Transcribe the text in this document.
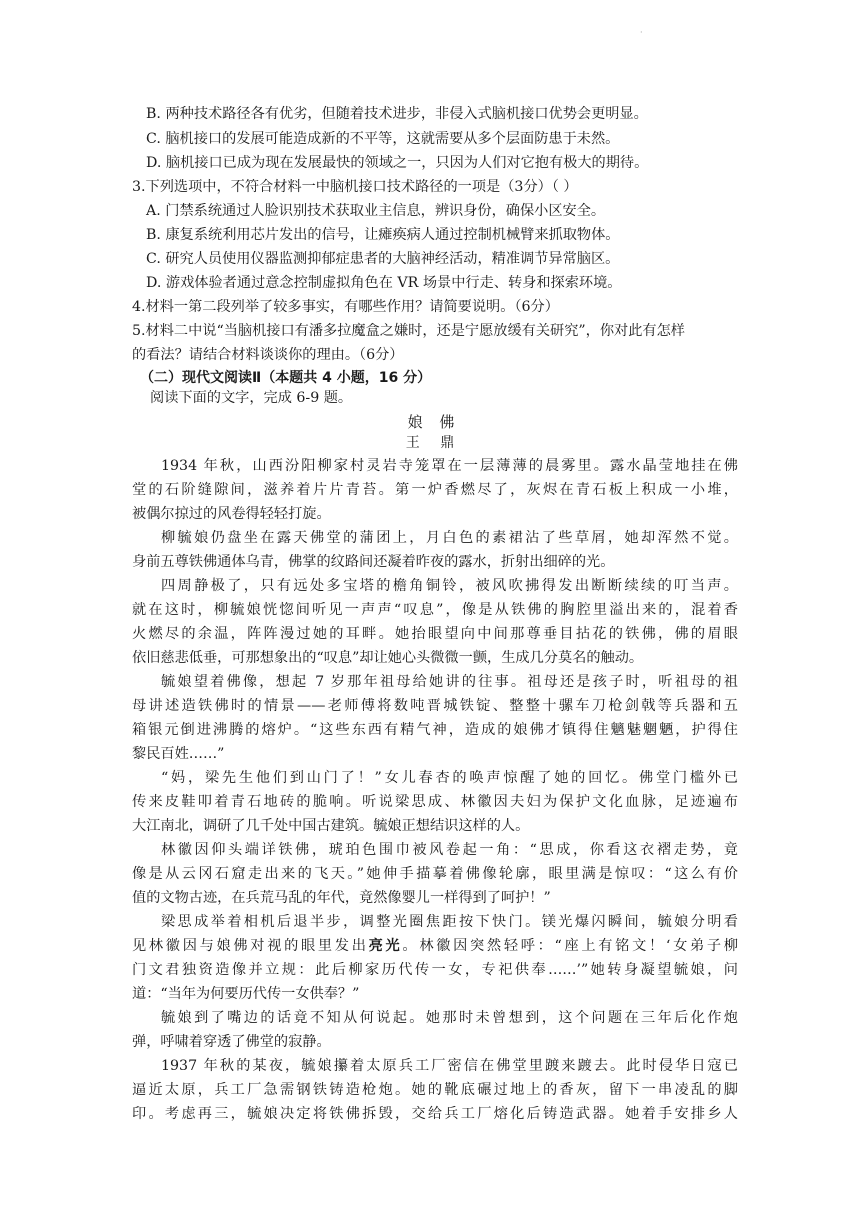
·
B. 两种技术路径各有优劣，但随着技术进步，非侵入式脑机接口优势会更明显。
C. 脑机接口的发展可能造成新的不平等，这就需要从多个层面防患于未然。
D. 脑机接口已成为现在发展最快的领域之一，只因为人们对它抱有极大的期待。
3.下列选项中，不符合材料一中脑机接口技术路径的一项是（3分）（ ）
A. 门禁系统通过人脸识别技术获取业主信息，辨识身份，确保小区安全。
B. 康复系统利用芯片发出的信号，让瘫痪病人通过控制机械臂来抓取物体。
C. 研究人员使用仪器监测抑郁症患者的大脑神经活动，精准调节异常脑区。
D. 游戏体验者通过意念控制虚拟角色在 VR 场景中行走、转身和探索环境。
4.材料一第二段列举了较多事实，有哪些作用？请简要说明。（6分）
5.材料二中说“当脑机接口有潘多拉魔盒之嫌时，还是宁愿放缓有关研究”，你对此有怎样
的看法？请结合材料谈谈你的理由。（6分）
（二）现代文阅读Ⅱ（本题共 4 小题，16 分）
阅读下面的文字，完成 6-9 题。
娘 佛
王 鼎
1934 年秋，山西汾阳柳家村灵岩寺笼罩在一层薄薄的晨雾里。露水晶莹地挂在佛
堂的石阶缝隙间，滋养着片片青苔。第一炉香燃尽了，灰烬在青石板上积成一小堆，
被偶尔掠过的风卷得轻轻打旋。
柳毓娘仍盘坐在露天佛堂的蒲团上，月白色的素裙沾了些草屑，她却浑然不觉。
身前五尊铁佛通体乌青，佛掌的纹路间还凝着昨夜的露水，折射出细碎的光。
四周静极了，只有远处多宝塔的檐角铜铃，被风吹拂得发出断断续续的叮当声。
就在这时，柳毓娘恍惚间听见一声声“叹息”，像是从铁佛的胸腔里溢出来的，混着香
火燃尽的余温，阵阵漫过她的耳畔。她抬眼望向中间那尊垂目拈花的铁佛，佛的眉眼
依旧慈悲低垂，可那想象出的“叹息”却让她心头微微一颤，生成几分莫名的触动。
毓娘望着佛像，想起 7 岁那年祖母给她讲的往事。祖母还是孩子时，听祖母的祖
母讲述造铁佛时的情景——老师傅将数吨晋城铁锭、整整十骡车刀枪剑戟等兵器和五
箱银元倒进沸腾的熔炉。“这些东西有精气神，造成的娘佛才镇得住魑魅魍魉，护得住
黎民百姓……”
“妈，梁先生他们到山门了！”女儿春杏的唤声惊醒了她的回忆。佛堂门槛外已
传来皮鞋叩着青石地砖的脆响。听说梁思成、林徽因夫妇为保护文化血脉，足迹遍布
大江南北，调研了几千处中国古建筑。毓娘正想结识这样的人。
林徽因仰头端详铁佛，琥珀色围巾被风卷起一角：“思成，你看这衣褶走势，竟
像是从云冈石窟走出来的飞天。”她伸手描摹着佛像轮廓，眼里满是惊叹：“这么有价
值的文物古迹，在兵荒马乱的年代，竟然像婴儿一样得到了呵护！”
梁思成举着相机后退半步，调整光圈焦距按下快门。镁光爆闪瞬间，毓娘分明看
见林徽因与娘佛对视的眼里发出亮光。林徽因突然轻呼：“座上有铭文！‘女弟子柳
门文君独资造像并立规：此后柳家历代传一女，专祀供奉……’”她转身凝望毓娘，问
道：“当年为何要历代传一女供奉？”
毓娘到了嘴边的话竟不知从何说起。她那时未曾想到，这个问题在三年后化作炮
弹，呼啸着穿透了佛堂的寂静。
1937 年秋的某夜，毓娘攥着太原兵工厂密信在佛堂里踱来踱去。此时侵华日寇已
逼近太原，兵工厂急需钢铁铸造枪炮。她的靴底碾过地上的香灰，留下一串凌乱的脚
印。考虑再三，毓娘决定将铁佛拆毁，交给兵工厂熔化后铸造武器。她着手安排乡人
